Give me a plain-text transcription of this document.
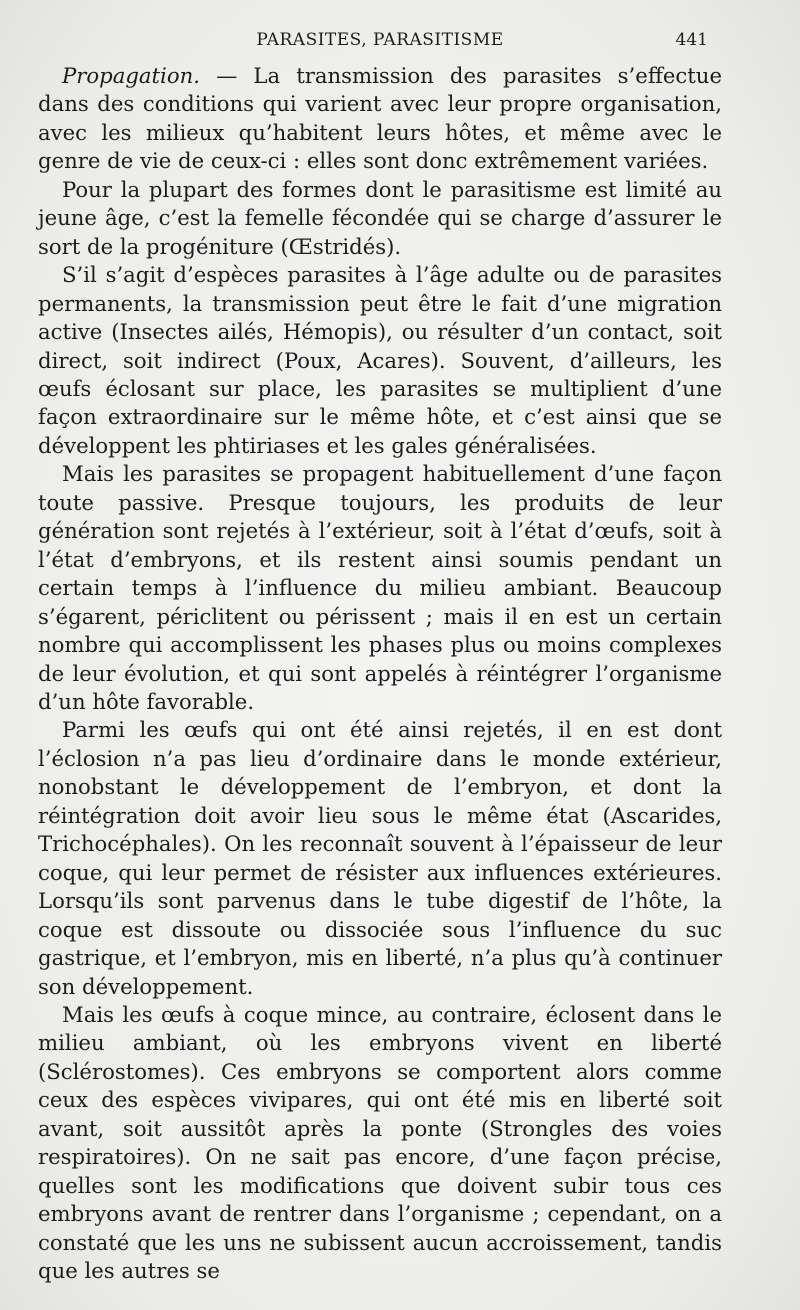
PARASITES, PARASITISME	441

Propagation. — La transmission des parasites s’effectue dans des conditions qui varient avec leur propre organisation, avec les milieux qu’habitent leurs hôtes, et même avec le genre de vie de ceux-ci : elles sont donc extrêmement variées.

Pour la plupart des formes dont le parasitisme est limité au jeune âge, c’est la femelle fécondée qui se charge d’assurer le sort de la progéniture (Œstridés).

S’il s’agit d’espèces parasites à l’âge adulte ou de parasites permanents, la transmission peut être le fait d’une migration active (Insectes ailés, Hémopis), ou résulter d’un contact, soit direct, soit indirect (Poux, Acares). Souvent, d’ailleurs, les œufs éclosant sur place, les parasites se multiplient d’une façon extraordinaire sur le même hôte, et c’est ainsi que se développent les phtiriases et les gales généralisées.

Mais les parasites se propagent habituellement d’une façon toute passive. Presque toujours, les produits de leur génération sont rejetés à l’extérieur, soit à l’état d’œufs, soit à l’état d’embryons, et ils restent ainsi soumis pendant un certain temps à l’influence du milieu ambiant. Beaucoup s’égarent, périclitent ou périssent ; mais il en est un certain nombre qui accomplissent les phases plus ou moins complexes de leur évolution, et qui sont appelés à réintégrer l’organisme d’un hôte favorable.

Parmi les œufs qui ont été ainsi rejetés, il en est dont l’éclosion n’a pas lieu d’ordinaire dans le monde extérieur, nonobstant le développement de l’embryon, et dont la réintégration doit avoir lieu sous le même état (Ascarides, Trichocéphales). On les reconnaît souvent à l’épaisseur de leur coque, qui leur permet de résister aux influences extérieures. Lorsqu’ils sont parvenus dans le tube digestif de l’hôte, la coque est dissoute ou dissociée sous l’influence du suc gastrique, et l’embryon, mis en liberté, n’a plus qu’à continuer son développement.

Mais les œufs à coque mince, au contraire, éclosent dans le milieu ambiant, où les embryons vivent en liberté (Sclérostomes). Ces embryons se comportent alors comme ceux des espèces vivipares, qui ont été mis en liberté soit avant, soit aussitôt après la ponte (Strongles des voies respiratoires). On ne sait pas encore, d’une façon précise, quelles sont les modifications que doivent subir tous ces embryons avant de rentrer dans l’organisme ; cependant, on a constaté que les uns ne subissent aucun accroissement, tandis que les autres se
